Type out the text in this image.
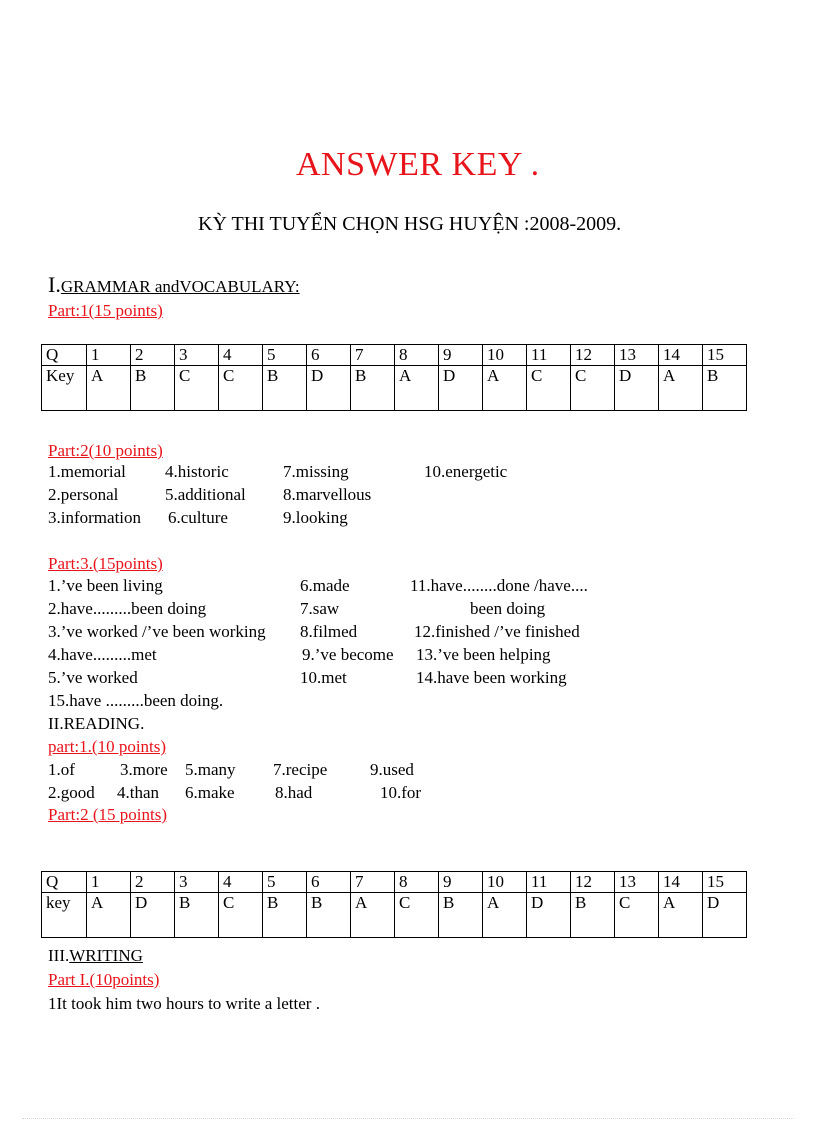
ANSWER KEY .
KỲ THI TUYỂN CHỌN HSG HUYỆN :2008-2009.
I.GRAMMAR andVOCABULARY:
Part:1(15 points)
Q	1	2	3	4	5	6	7	8	9	10	11	12	13	14	15
Key	A	B	C	C	B	D	B	A	D	A	C	C	D	A	B
Part:2(10 points)
1.memorial 4.historic	7.missing	10.energetic
2.personal	5.additional 8.marvellous
3.information 6.culture	9.looking
Part:3.(15points)
1.’ve been living	6.made	11.have........done /have....
2.have.........been doing	7.saw	been doing
3.’ve worked /’ve been working 8.filmed	12.finished /’ve finished
4.have.........met	9.’ve become 13.’ve been helping
5.’ve worked	10.met	14.have been working
15.have .........been doing.
II.READING.
part:1.(10 points)
1.of	3.more 5.many 7.recipe	9.used
2.good 4.than 6.make 8.had	10.for
Part:2 (15 points)
Q	1	2	3	4	5	6	7	8	9	10	11	12	13	14	15
key	A	D	B	C	B	B	A	C	B	A	D	B	C	A	D
III.WRITING
Part I.(10points)
1It took him two hours to write a letter .
